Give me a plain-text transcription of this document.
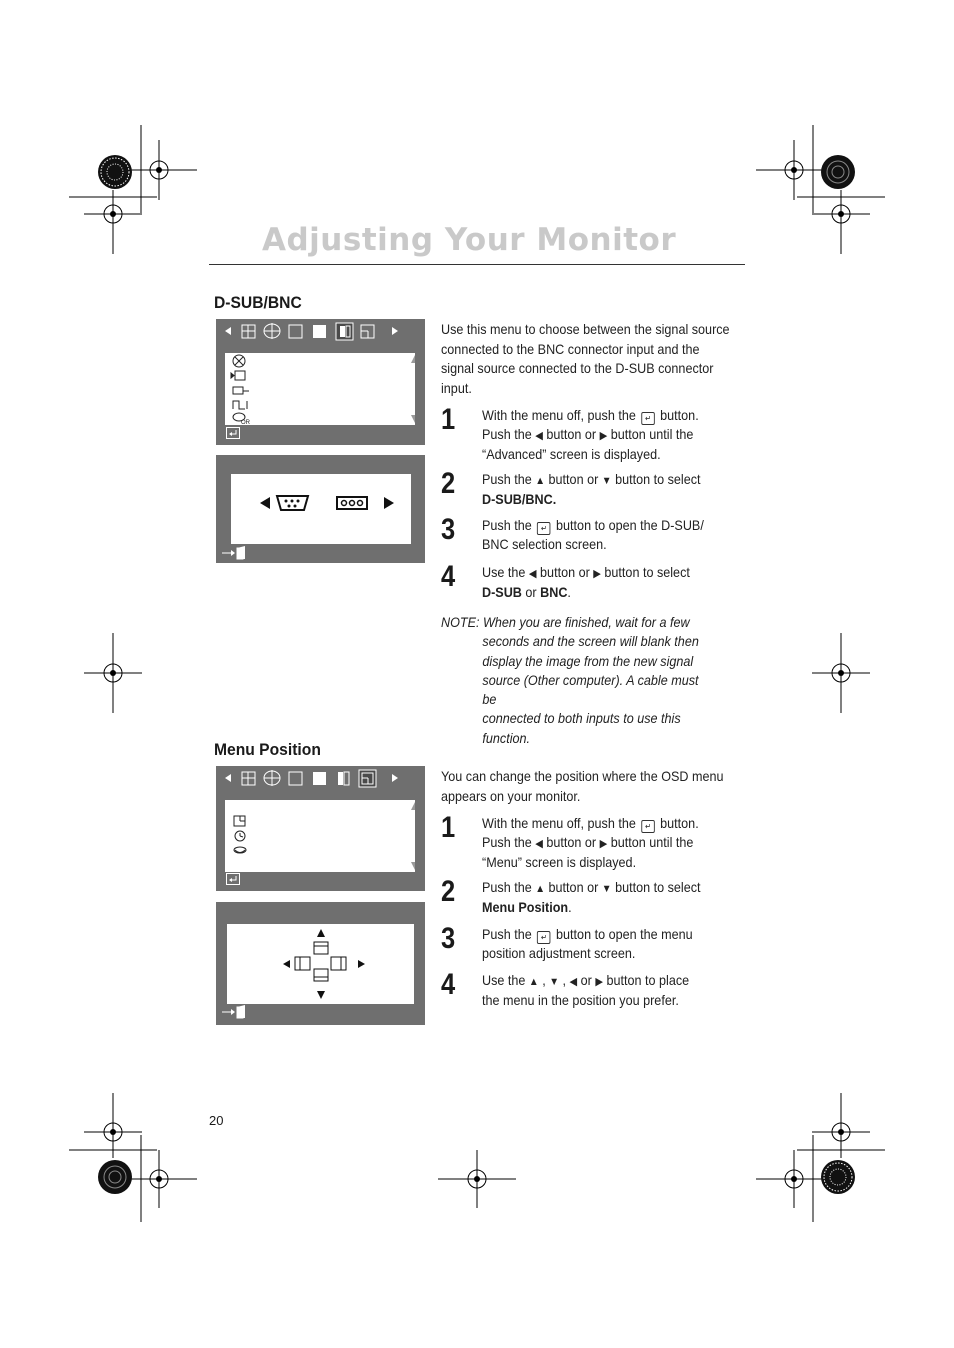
Adjusting Your Monitor
D-SUB/BNC
OR
Use this menu to choose between the signal source
connected to the BNC connector input and the
signal source connected to the D-SUB connector
input.
1 With the menu off, push the ↵ button.
Push the ◀ button or ▶ button until the
“Advanced” screen is displayed.
2 Push the ▲ button or ▼ button to select
D-SUB/BNC.
3 Push the ↵ button to open the D-SUB/
BNC selection screen.
4 Use the ◀ button or ▶ button to select
D-SUB or BNC.
NOTE: When you are finished, wait for a few
seconds and the screen will blank then
display the image from the new signal
source (Other computer). A cable must be
connected to both inputs to use this
function.
Menu Position
You can change the position where the OSD menu
appears on your monitor.
1 With the menu off, push the ↵ button.
Push the ◀ button or ▶ button until the
“Menu” screen is displayed.
2 Push the ▲ button or ▼ button to select
Menu Position.
3 Push the ↵ button to open the menu
position adjustment screen.
4 Use the ▲ , ▼ , ◀ or ▶ button to place
the menu in the position you prefer.
20
